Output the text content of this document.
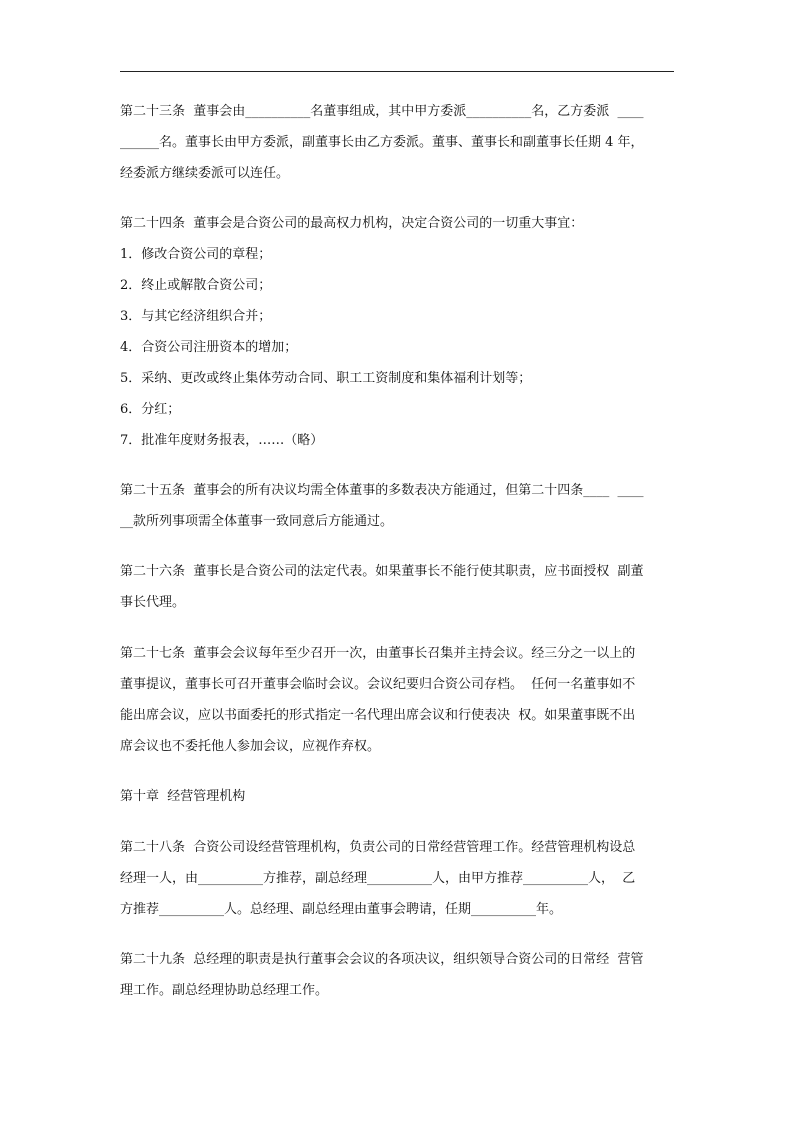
第二十三条  董事会由__________名董事组成，其中甲方委派__________名，乙方委派  ____
______名。董事长由甲方委派，副董事长由乙方委派。董事、董事长和副董事长任期 4 年，
经委派方继续委派可以连任。
第二十四条  董事会是合资公司的最高权力机构，决定合资公司的一切重大事宜：
1．修改合资公司的章程；
2．终止或解散合资公司；
3．与其它经济组织合并；
4．合资公司注册资本的增加；
5．采纳、更改或终止集体劳动合同、职工工资制度和集体福利计划等；
6．分红；
7．批准年度财务报表，……（略）
第二十五条  董事会的所有决议均需全体董事的多数表决方能通过，但第二十四条____  ____
__款所列事项需全体董事一致同意后方能通过。
第二十六条  董事长是合资公司的法定代表。如果董事长不能行使其职责，应书面授权  副董
事长代理。
第二十七条  董事会会议每年至少召开一次，由董事长召集并主持会议。经三分之一以上的
董事提议，董事长可召开董事会临时会议。会议纪要归合资公司存档。  任何一名董事如不
能出席会议，应以书面委托的形式指定一名代理出席会议和行使表决  权。如果董事既不出
席会议也不委托他人参加会议，应视作弃权。
第十章  经营管理机构
第二十八条  合资公司设经营管理机构，负责公司的日常经营管理工作。经营管理机构设总
经理一人，由__________方推荐，副总经理__________人，由甲方推荐__________人，  乙
方推荐__________人。总经理、副总经理由董事会聘请，任期__________年。
第二十九条  总经理的职责是执行董事会会议的各项决议，组织领导合资公司的日常经  营管
理工作。副总经理协助总经理工作。
